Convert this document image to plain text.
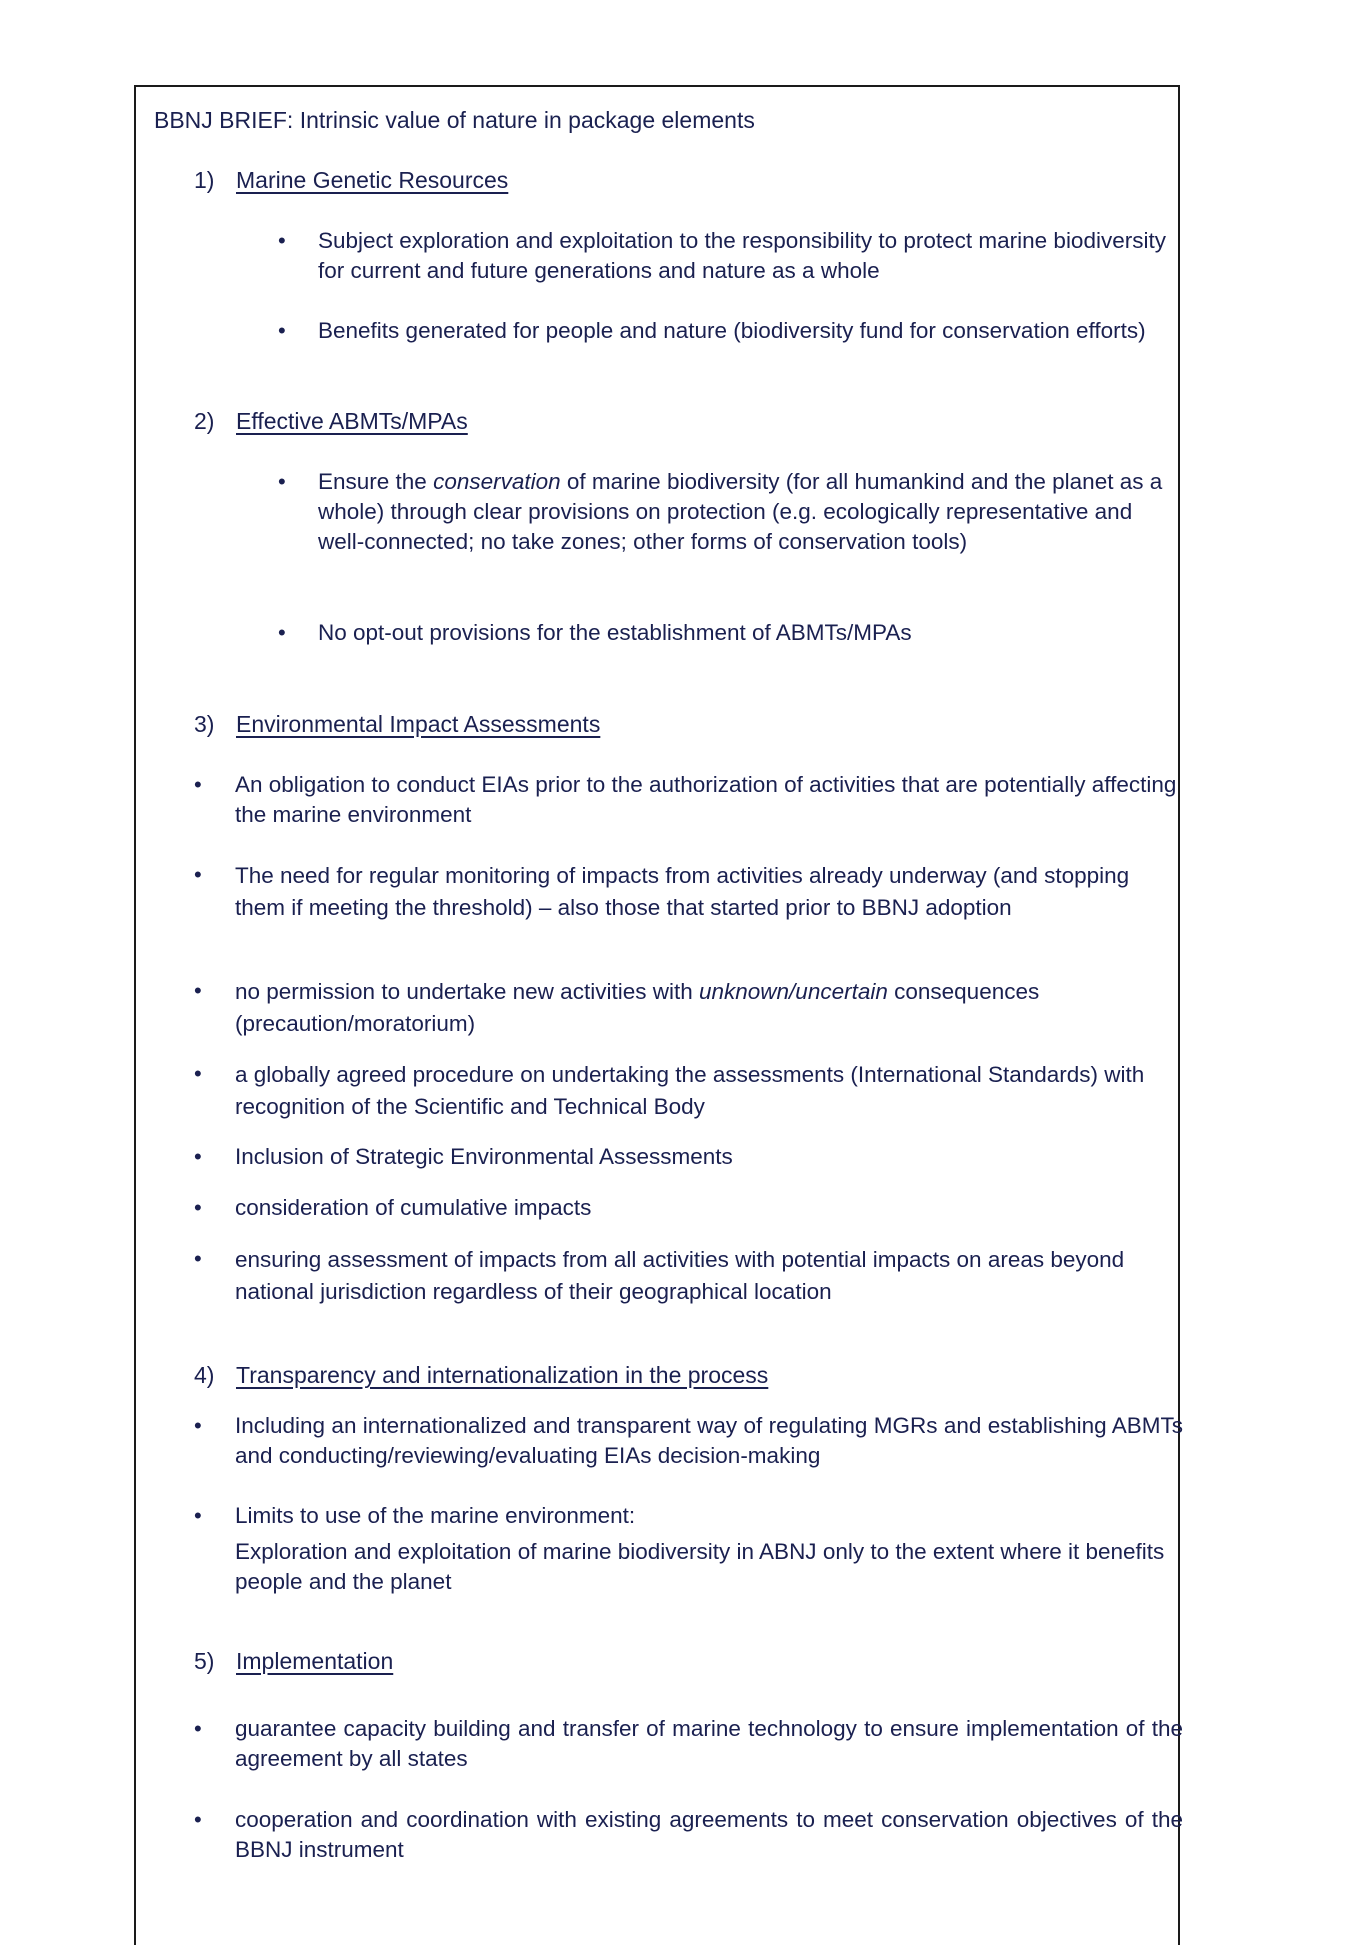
BBNJ BRIEF: Intrinsic value of nature in package elements
1) Marine Genetic Resources
• Subject exploration and exploitation to the responsibility to protect marine biodiversity for current and future generations and nature as a whole
• Benefits generated for people and nature (biodiversity fund for conservation efforts)
2) Effective ABMTs/MPAs
• Ensure the conservation of marine biodiversity (for all humankind and the planet as a whole) through clear provisions on protection (e.g. ecologically representative and well-connected; no take zones; other forms of conservation tools)
• No opt-out provisions for the establishment of ABMTs/MPAs
3) Environmental Impact Assessments
• An obligation to conduct EIAs prior to the authorization of activities that are potentially affecting the marine environment
• The need for regular monitoring of impacts from activities already underway (and stopping them if meeting the threshold) – also those that started prior to BBNJ adoption
• no permission to undertake new activities with unknown/uncertain consequences (precaution/moratorium)
• a globally agreed procedure on undertaking the assessments (International Standards) with recognition of the Scientific and Technical Body
• Inclusion of Strategic Environmental Assessments
• consideration of cumulative impacts
• ensuring assessment of impacts from all activities with potential impacts on areas beyond national jurisdiction regardless of their geographical location
4) Transparency and internationalization in the process
• Including an internationalized and transparent way of regulating MGRs and establishing ABMTs and conducting/reviewing/evaluating EIAs decision-making
• Limits to use of the marine environment:
Exploration and exploitation of marine biodiversity in ABNJ only to the extent where it benefits people and the planet
5) Implementation
• guarantee capacity building and transfer of marine technology to ensure implementation of the agreement by all states
• cooperation and coordination with existing agreements to meet conservation objectives of the BBNJ instrument
